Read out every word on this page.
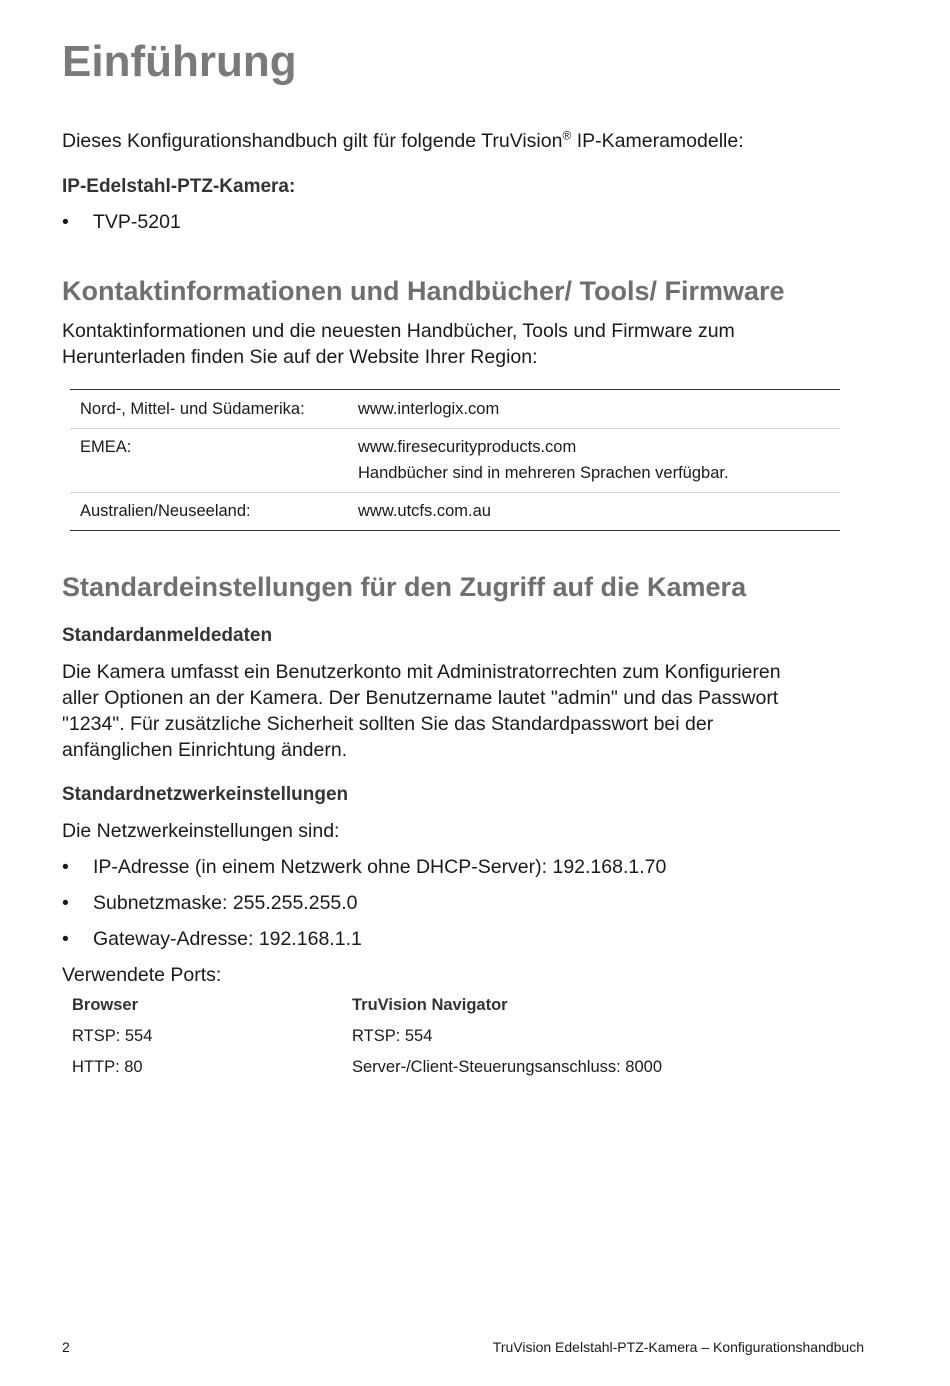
Einführung
Dieses Konfigurationshandbuch gilt für folgende TruVision® IP-Kameramodelle:
IP-Edelstahl-PTZ-Kamera:
• TVP-5201
Kontaktinformationen und Handbücher/ Tools/ Firmware
Kontaktinformationen und die neuesten Handbücher, Tools und Firmware zum
Herunterladen finden Sie auf der Website Ihrer Region:
Nord-, Mittel- und Südamerika:	www.interlogix.com
EMEA:	www.firesecurityproducts.com
Handbücher sind in mehreren Sprachen verfügbar.
Australien/Neuseeland:	www.utcfs.com.au
Standardeinstellungen für den Zugriff auf die Kamera
Standardanmeldedaten
Die Kamera umfasst ein Benutzerkonto mit Administratorrechten zum Konfigurieren
aller Optionen an der Kamera. Der Benutzername lautet "admin" und das Passwort
"1234". Für zusätzliche Sicherheit sollten Sie das Standardpasswort bei der
anfänglichen Einrichtung ändern.
Standardnetzwerkeinstellungen
Die Netzwerkeinstellungen sind:
• IP-Adresse (in einem Netzwerk ohne DHCP-Server): 192.168.1.70
• Subnetzmaske: 255.255.255.0
• Gateway-Adresse: 192.168.1.1
Verwendete Ports:
Browser	TruVision Navigator
RTSP: 554	RTSP: 554
HTTP: 80	Server-/Client-Steuerungsanschluss: 8000
2	TruVision Edelstahl-PTZ-Kamera – Konfigurationshandbuch
